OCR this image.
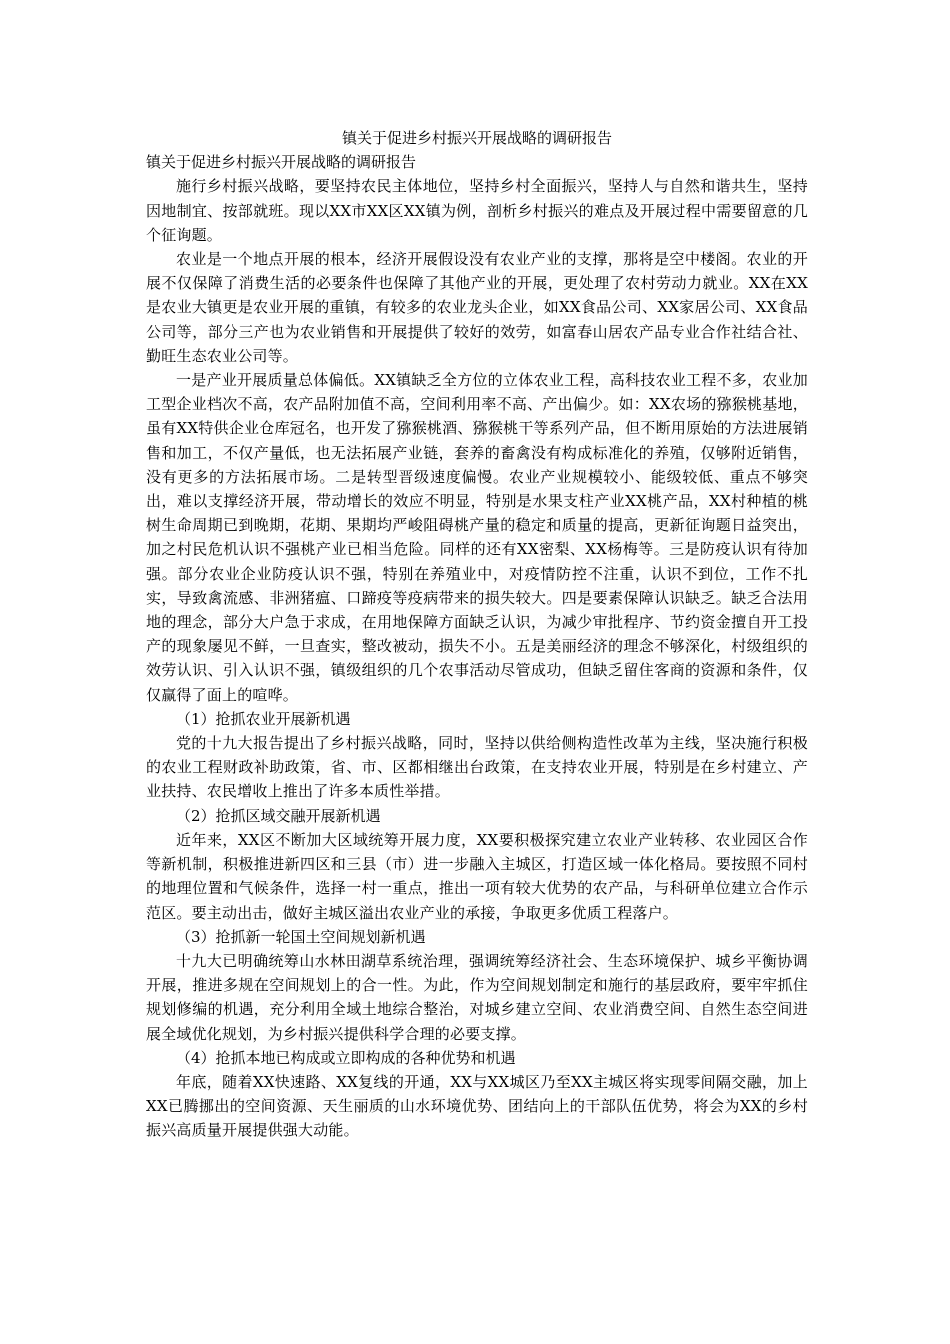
镇关于促进乡村振兴开展战略的调研报告

镇关于促进乡村振兴开展战略的调研报告

施行乡村振兴战略，要坚持农民主体地位，坚持乡村全面振兴，坚持人与自然和谐共生，坚持因地制宜、按部就班。现以XX市XX区XX镇为例，剖析乡村振兴的难点及开展过程中需要留意的几个征询题。

农业是一个地点开展的根本，经济开展假设没有农业产业的支撑，那将是空中楼阁。农业的开展不仅保障了消费生活的必要条件也保障了其他产业的开展，更处理了农村劳动力就业。XX在XX是农业大镇更是农业开展的重镇，有较多的农业龙头企业，如XX食品公司、XX家居公司、XX食品公司等，部分三产也为农业销售和开展提供了较好的效劳，如富春山居农产品专业合作社结合社、勤旺生态农业公司等。

一是产业开展质量总体偏低。XX镇缺乏全方位的立体农业工程，高科技农业工程不多，农业加工型企业档次不高，农产品附加值不高，空间利用率不高、产出偏少。如：XX农场的猕猴桃基地，虽有XX特供企业仓库冠名，也开发了猕猴桃酒、猕猴桃干等系列产品，但不断用原始的方法进展销售和加工，不仅产量低，也无法拓展产业链，套养的畜禽没有构成标准化的养殖，仅够附近销售，没有更多的方法拓展市场。二是转型晋级速度偏慢。农业产业规模较小、能级较低、重点不够突出，难以支撑经济开展，带动增长的效应不明显，特别是水果支柱产业XX桃产品，XX村种植的桃树生命周期已到晚期，花期、果期均严峻阻碍桃产量的稳定和质量的提高，更新征询题日益突出，加之村民危机认识不强桃产业已相当危险。同样的还有XX密梨、XX杨梅等。三是防疫认识有待加强。部分农业企业防疫认识不强，特别在养殖业中，对疫情防控不注重，认识不到位，工作不扎实，导致禽流感、非洲猪瘟、口蹄疫等疫病带来的损失较大。四是要素保障认识缺乏。缺乏合法用地的理念，部分大户急于求成，在用地保障方面缺乏认识，为减少审批程序、节约资金擅自开工投产的现象屡见不鲜，一旦查实，整改被动，损失不小。五是美丽经济的理念不够深化，村级组织的效劳认识、引入认识不强，镇级组织的几个农事活动尽管成功，但缺乏留住客商的资源和条件，仅仅赢得了面上的喧哗。

（1）抢抓农业开展新机遇

党的十九大报告提出了乡村振兴战略，同时，坚持以供给侧构造性改革为主线，坚决施行积极的农业工程财政补助政策，省、市、区都相继出台政策，在支持农业开展，特别是在乡村建立、产业扶持、农民增收上推出了许多本质性举措。

（2）抢抓区域交融开展新机遇

近年来，XX区不断加大区域统筹开展力度，XX要积极探究建立农业产业转移、农业园区合作等新机制，积极推进新四区和三县（市）进一步融入主城区，打造区域一体化格局。要按照不同村的地理位置和气候条件，选择一村一重点，推出一项有较大优势的农产品，与科研单位建立合作示范区。要主动出击，做好主城区溢出农业产业的承接，争取更多优质工程落户。

（3）抢抓新一轮国土空间规划新机遇

十九大已明确统筹山水林田湖草系统治理，强调统筹经济社会、生态环境保护、城乡平衡协调开展，推进多规在空间规划上的合一性。为此，作为空间规划制定和施行的基层政府，要牢牢抓住规划修编的机遇，充分利用全域土地综合整治，对城乡建立空间、农业消费空间、自然生态空间进展全域优化规划，为乡村振兴提供科学合理的必要支撑。

（4）抢抓本地已构成或立即构成的各种优势和机遇

年底，随着XX快速路、XX复线的开通，XX与XX城区乃至XX主城区将实现零间隔交融，加上XX已腾挪出的空间资源、天生丽质的山水环境优势、团结向上的干部队伍优势，将会为XX的乡村振兴高质量开展提供强大动能。
